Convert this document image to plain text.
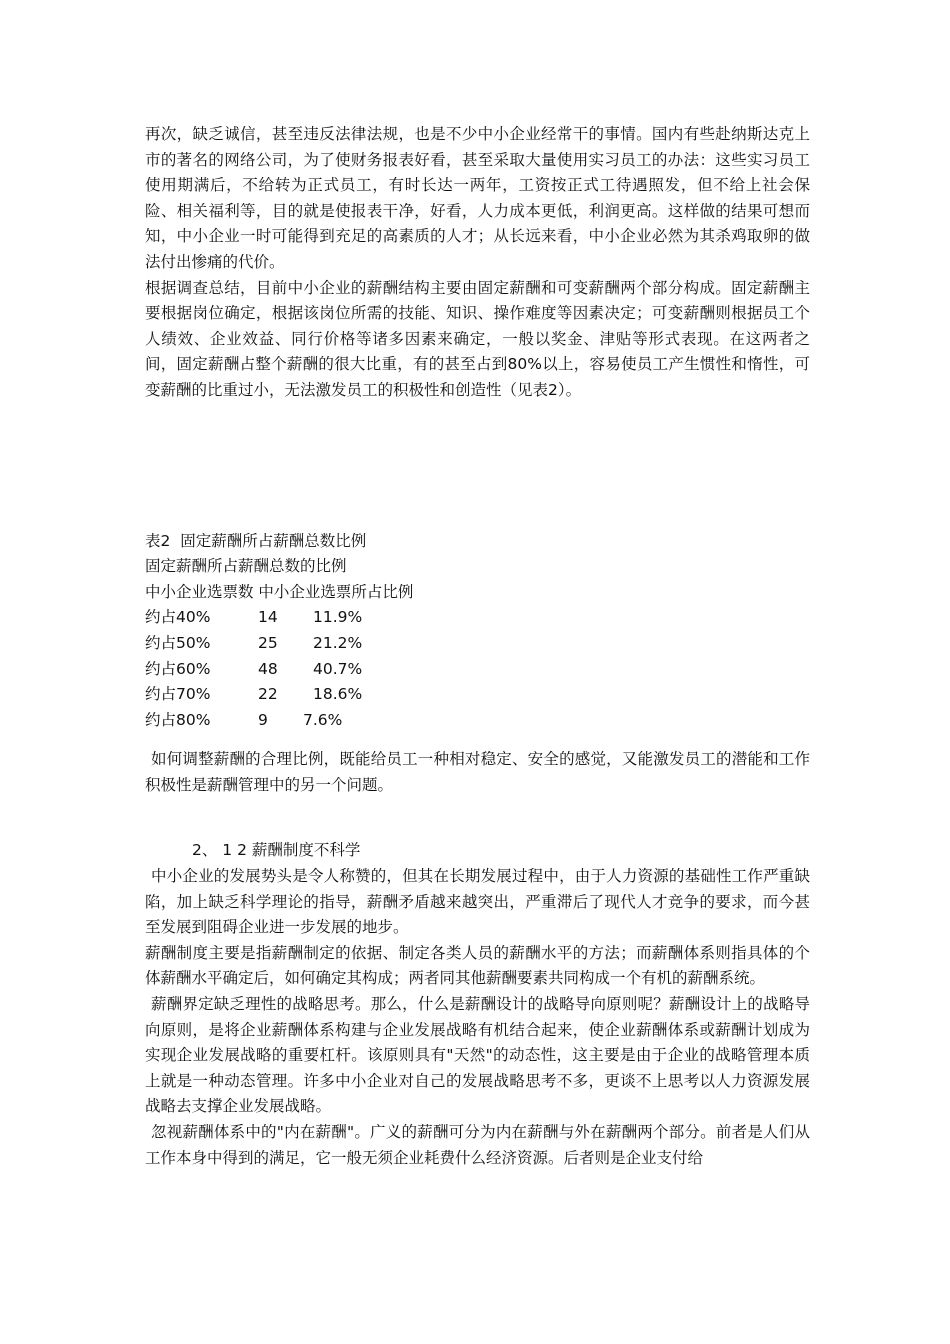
再次，缺乏诚信，甚至违反法律法规，也是不少中小企业经常干的事情。国内有些赴纳斯达克上市的著名的网络公司，为了使财务报表好看，甚至采取大量使用实习员工的办法：这些实习员工使用期满后，不给转为正式员工，有时长达一两年，工资按正式工待遇照发，但不给上社会保险、相关福利等，目的就是使报表干净，好看，人力成本更低，利润更高。这样做的结果可想而知，中小企业一时可能得到充足的高素质的人才；从长远来看，中小企业必然为其杀鸡取卵的做法付出惨痛的代价。

根据调查总结，目前中小企业的薪酬结构主要由固定薪酬和可变薪酬两个部分构成。固定薪酬主要根据岗位确定，根据该岗位所需的技能、知识、操作难度等因素决定；可变薪酬则根据员工个人绩效、企业效益、同行价格等诸多因素来确定，一般以奖金、津贴等形式表现。在这两者之间，固定薪酬占整个薪酬的很大比重，有的甚至占到80%以上，容易使员工产生惯性和惰性，可变薪酬的比重过小，无法激发员工的积极性和创造性（见表2）。

表2  固定薪酬所占薪酬总数比例

固定薪酬所占薪酬总数的比例

中小企业选票数 中小企业选票所占比例

约占40%	14	11.9%
约占50%	25	21.2%
约占60%	48	40.7%
约占70%	22	18.6%
约占80%	9	7.6%

如何调整薪酬的合理比例，既能给员工一种相对稳定、安全的感觉，又能激发员工的潜能和工作积极性是薪酬管理中的另一个问题。

2、 1 2 薪酬制度不科学

中小企业的发展势头是令人称赞的，但其在长期发展过程中，由于人力资源的基础性工作严重缺陷，加上缺乏科学理论的指导，薪酬矛盾越来越突出，严重滞后了现代人才竞争的要求，而今甚至发展到阻碍企业进一步发展的地步。

薪酬制度主要是指薪酬制定的依据、制定各类人员的薪酬水平的方法；而薪酬体系则指具体的个体薪酬水平确定后，如何确定其构成；两者同其他薪酬要素共同构成一个有机的薪酬系统。

薪酬界定缺乏理性的战略思考。那么，什么是薪酬设计的战略导向原则呢？薪酬设计上的战略导向原则，是将企业薪酬体系构建与企业发展战略有机结合起来，使企业薪酬体系或薪酬计划成为实现企业发展战略的重要杠杆。该原则具有"天然"的动态性，这主要是由于企业的战略管理本质上就是一种动态管理。许多中小企业对自己的发展战略思考不多，更谈不上思考以人力资源发展战略去支撑企业发展战略。

忽视薪酬体系中的"内在薪酬"。广义的薪酬可分为内在薪酬与外在薪酬两个部分。前者是人们从工作本身中得到的满足，它一般无须企业耗费什么经济资源。后者则是企业支付给
